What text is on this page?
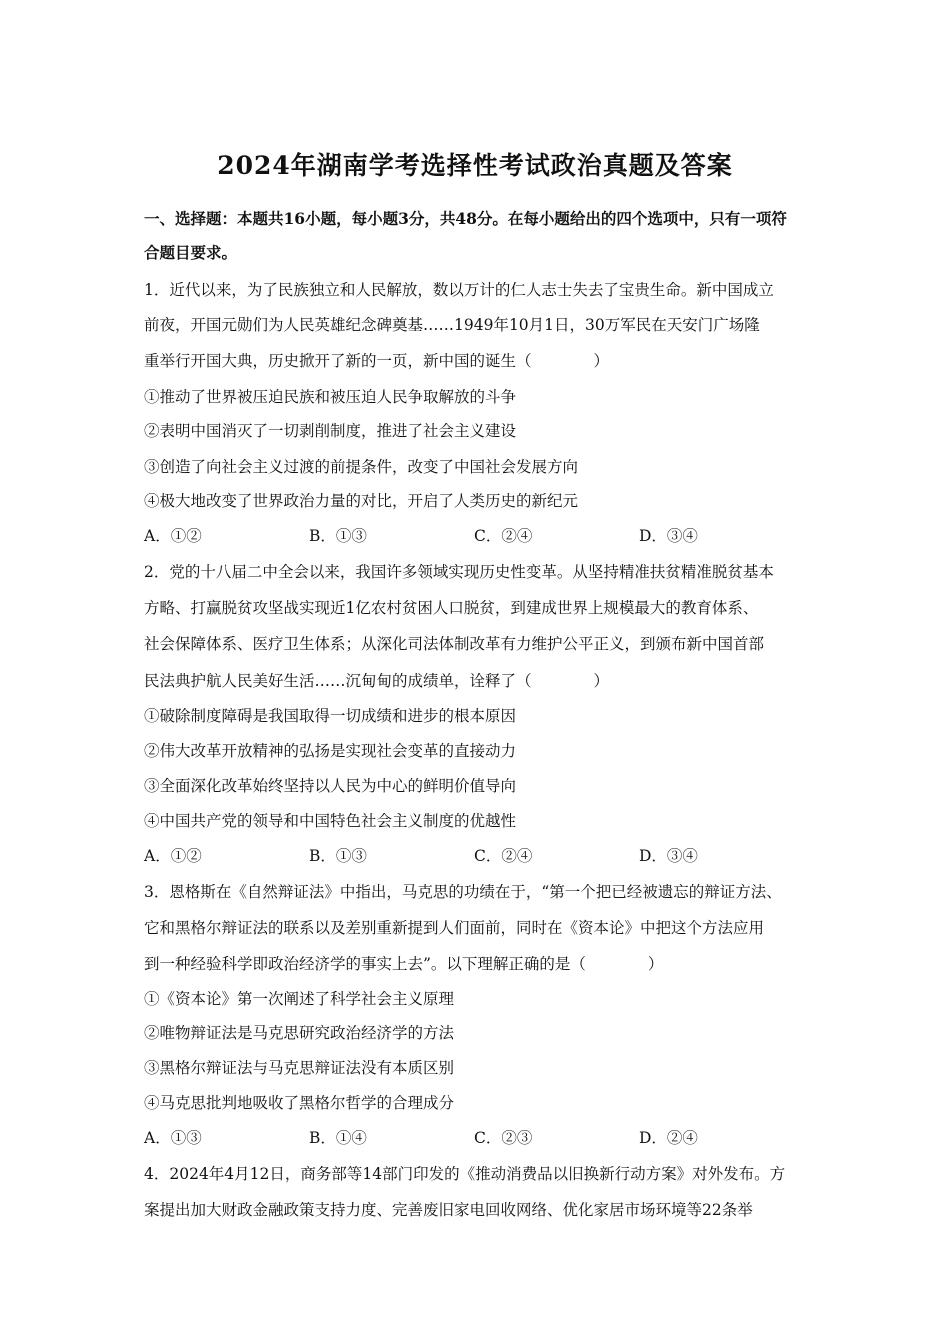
2024年湖南学考选择性考试政治真题及答案
一、选择题：本题共16小题，每小题3分，共48分。在每小题给出的四个选项中，只有一项符
合题目要求。
1．近代以来，为了民族独立和人民解放，数以万计的仁人志士失去了宝贵生命。新中国成立
前夜，开国元勋们为人民英雄纪念碑奠基……1949年10月1日，30万军民在天安门广场隆
重举行开国大典，历史掀开了新的一页，新中国的诞生（　　　　）
①推动了世界被压迫民族和被压迫人民争取解放的斗争
②表明中国消灭了一切剥削制度，推进了社会主义建设
③创造了向社会主义过渡的前提条件，改变了中国社会发展方向
④极大地改变了世界政治力量的对比，开启了人类历史的新纪元
A．①②	B．①③	C．②④	D．③④
2．党的十八届二中全会以来，我国许多领域实现历史性变革。从坚持精准扶贫精准脱贫基本
方略、打赢脱贫攻坚战实现近1亿农村贫困人口脱贫，到建成世界上规模最大的教育体系、
社会保障体系、医疗卫生体系；从深化司法体制改革有力维护公平正义，到颁布新中国首部
民法典护航人民美好生活……沉甸甸的成绩单，诠释了（　　　　）
①破除制度障碍是我国取得一切成绩和进步的根本原因
②伟大改革开放精神的弘扬是实现社会变革的直接动力
③全面深化改革始终坚持以人民为中心的鲜明价值导向
④中国共产党的领导和中国特色社会主义制度的优越性
A．①②	B．①③	C．②④	D．③④
3．恩格斯在《自然辩证法》中指出，马克思的功绩在于，“第一个把已经被遗忘的辩证方法、
它和黑格尔辩证法的联系以及差别重新提到人们面前，同时在《资本论》中把这个方法应用
到一种经验科学即政治经济学的事实上去”。以下理解正确的是（　　　　）
①《资本论》第一次阐述了科学社会主义原理
②唯物辩证法是马克思研究政治经济学的方法
③黑格尔辩证法与马克思辩证法没有本质区别
④马克思批判地吸收了黑格尔哲学的合理成分
A．①③	B．①④	C．②③	D．②④
4．2024年4月12日，商务部等14部门印发的《推动消费品以旧换新行动方案》对外发布。方
案提出加大财政金融政策支持力度、完善废旧家电回收网络、优化家居市场环境等22条举
